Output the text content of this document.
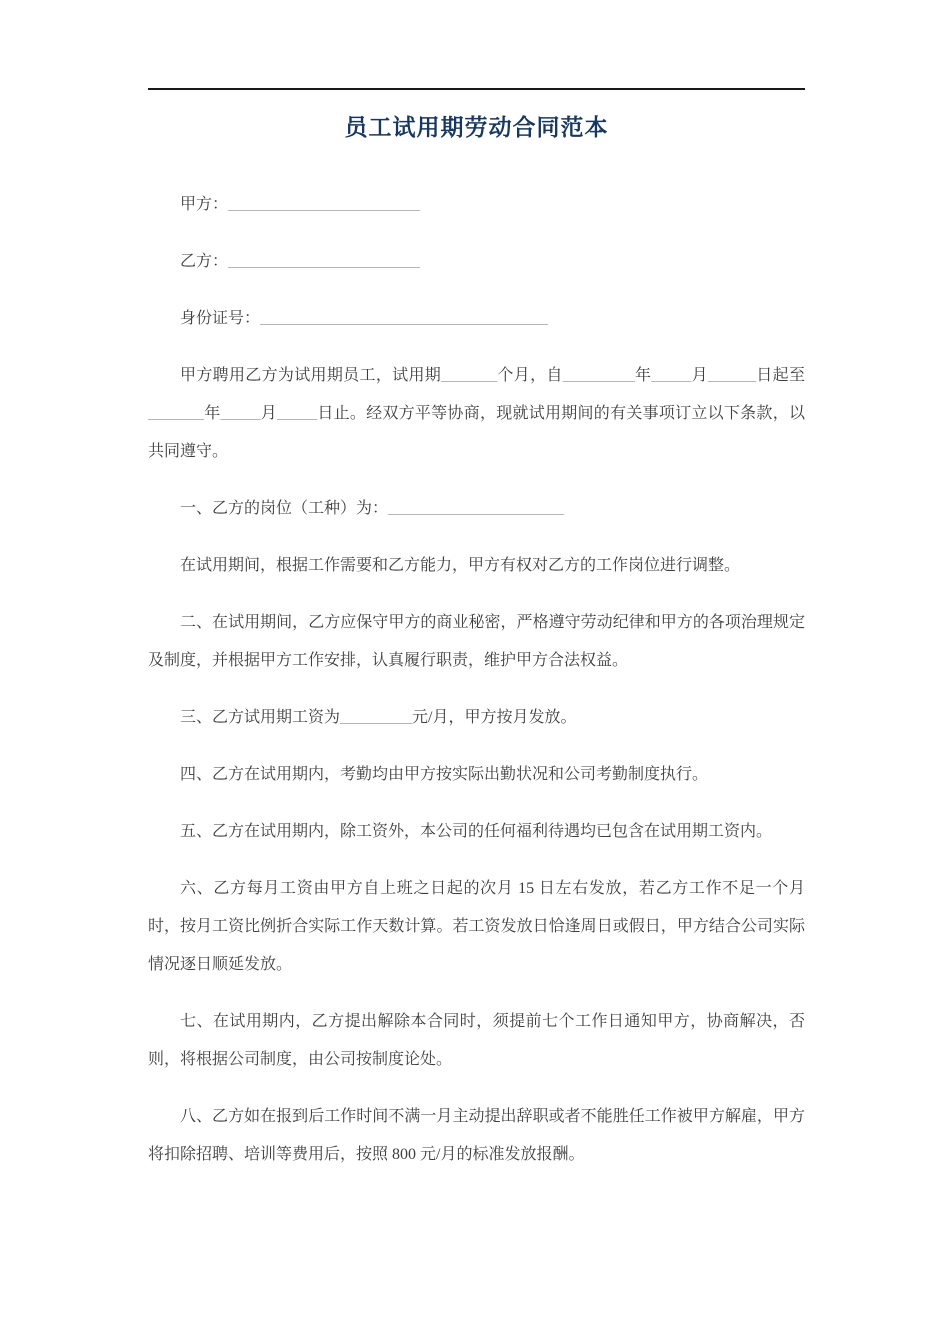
员工试用期劳动合同范本

甲方：________________________

乙方：________________________

身份证号：____________________________________

甲方聘用乙方为试用期员工，试用期_______个月，自_________年_____月______日起至_______年_____月_____日止。经双方平等协商，现就试用期间的有关事项订立以下条款，以共同遵守。

一、乙方的岗位（工种）为：______________________

在试用期间，根据工作需要和乙方能力，甲方有权对乙方的工作岗位进行调整。

二、在试用期间，乙方应保守甲方的商业秘密，严格遵守劳动纪律和甲方的各项治理规定及制度，并根据甲方工作安排，认真履行职责，维护甲方合法权益。

三、乙方试用期工资为_________元/月，甲方按月发放。

四、乙方在试用期内，考勤均由甲方按实际出勤状况和公司考勤制度执行。

五、乙方在试用期内，除工资外，本公司的任何福利待遇均已包含在试用期工资内。

六、乙方每月工资由甲方自上班之日起的次月 15 日左右发放，若乙方工作不足一个月时，按月工资比例折合实际工作天数计算。若工资发放日恰逢周日或假日，甲方结合公司实际情况逐日顺延发放。

七、在试用期内，乙方提出解除本合同时，须提前七个工作日通知甲方，协商解决，否则，将根据公司制度，由公司按制度论处。

八、乙方如在报到后工作时间不满一月主动提出辞职或者不能胜任工作被甲方解雇，甲方将扣除招聘、培训等费用后，按照 800 元/月的标准发放报酬。
